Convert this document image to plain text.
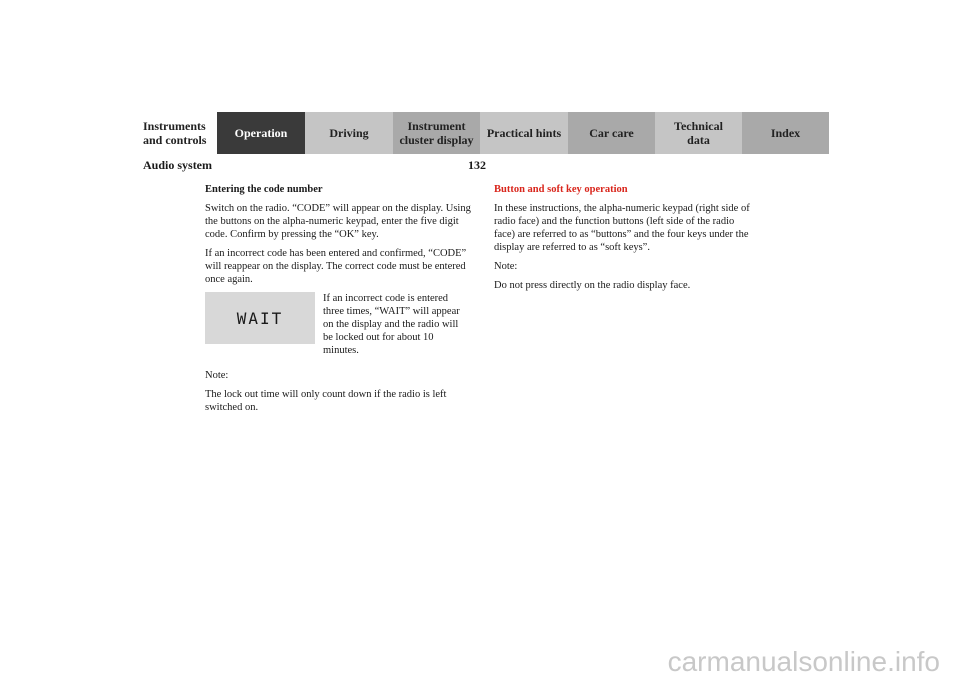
Instruments
and controls	Operation	Driving	Instrument
cluster display	Practical hints	Car care	Technical
data	Index
Audio system	132
Entering the code number

Switch on the radio. “CODE” will appear on the display. Using the buttons on the alpha-numeric keypad, enter the five digit code. Confirm by pressing the “OK” key.

If an incorrect code has been entered and confirmed, “CODE” will reappear on the display. The correct code must be entered once again.

WAIT
If an incorrect code is entered three times, “WAIT” will appear on the display and the radio will be locked out for about 10 minutes.

Note:

The lock out time will only count down if the radio is left switched on.

Button and soft key operation

In these instructions, the alpha-numeric keypad (right side of radio face) and the function buttons (left side of the radio face) are referred to as “buttons” and the four keys under the display are referred to as “soft keys”.

Note:

Do not press directly on the radio display face.

carmanualsonline.info
